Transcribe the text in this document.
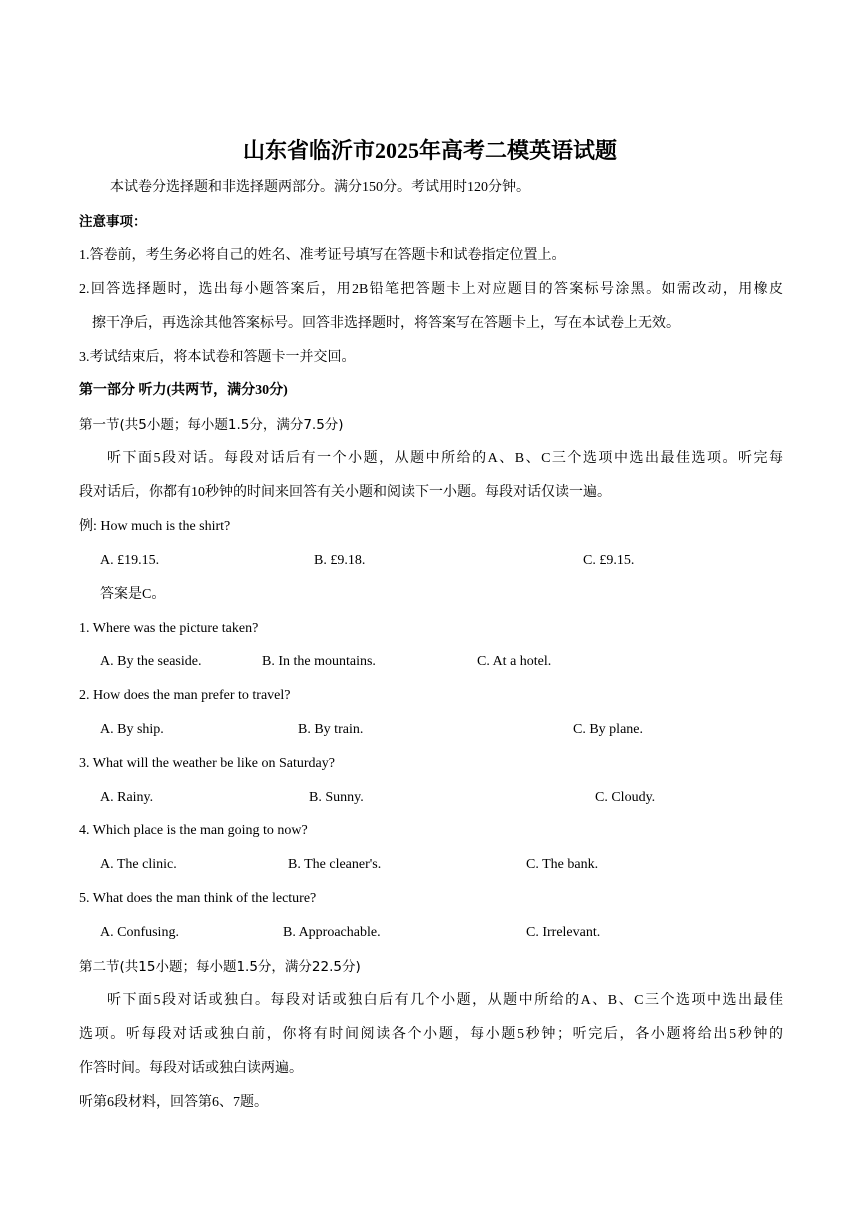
山东省临沂市2025年高考二模英语试题
本试卷分选择题和非选择题两部分。满分150分。考试用时120分钟。
注意事项：
1.答卷前，考生务必将自己的姓名、准考证号填写在答题卡和试卷指定位置上。
2.回答选择题时，选出每小题答案后，用2B铅笔把答题卡上对应题目的答案标号涂黑。如需改动，用橡皮
擦干净后，再选涂其他答案标号。回答非选择题时，将答案写在答题卡上，写在本试卷上无效。
3.考试结束后，将本试卷和答题卡一并交回。
第一部分 听力(共两节，满分30分)
第一节(共5小题；每小题1.5分，满分7.5分)
听下面5段对话。每段对话后有一个小题，从题中所给的A、B、C三个选项中选出最佳选项。听完每
段对话后，你都有10秒钟的时间来回答有关小题和阅读下一小题。每段对话仅读一遍。
例: How much is the shirt?
A. £19.15.	B. £9.18.	C. £9.15.
答案是C。
1. Where was the picture taken?
A. By the seaside.	B. In the mountains.	C. At a hotel.
2. How does the man prefer to travel?
A. By ship.	B. By train.	C. By plane.
3. What will the weather be like on Saturday?
A. Rainy.	B. Sunny.	C. Cloudy.
4. Which place is the man going to now?
A. The clinic.	B. The cleaner's.	C. The bank.
5. What does the man think of the lecture?
A. Confusing.	B. Approachable.	C. Irrelevant.
第二节(共15小题；每小题1.5分，满分22.5分)
听下面5段对话或独白。每段对话或独白后有几个小题，从题中所给的A、B、C三个选项中选出最佳
选项。听每段对话或独白前，你将有时间阅读各个小题，每小题5秒钟；听完后，各小题将给出5秒钟的
作答时间。每段对话或独白读两遍。
听第6段材料，回答第6、7题。
